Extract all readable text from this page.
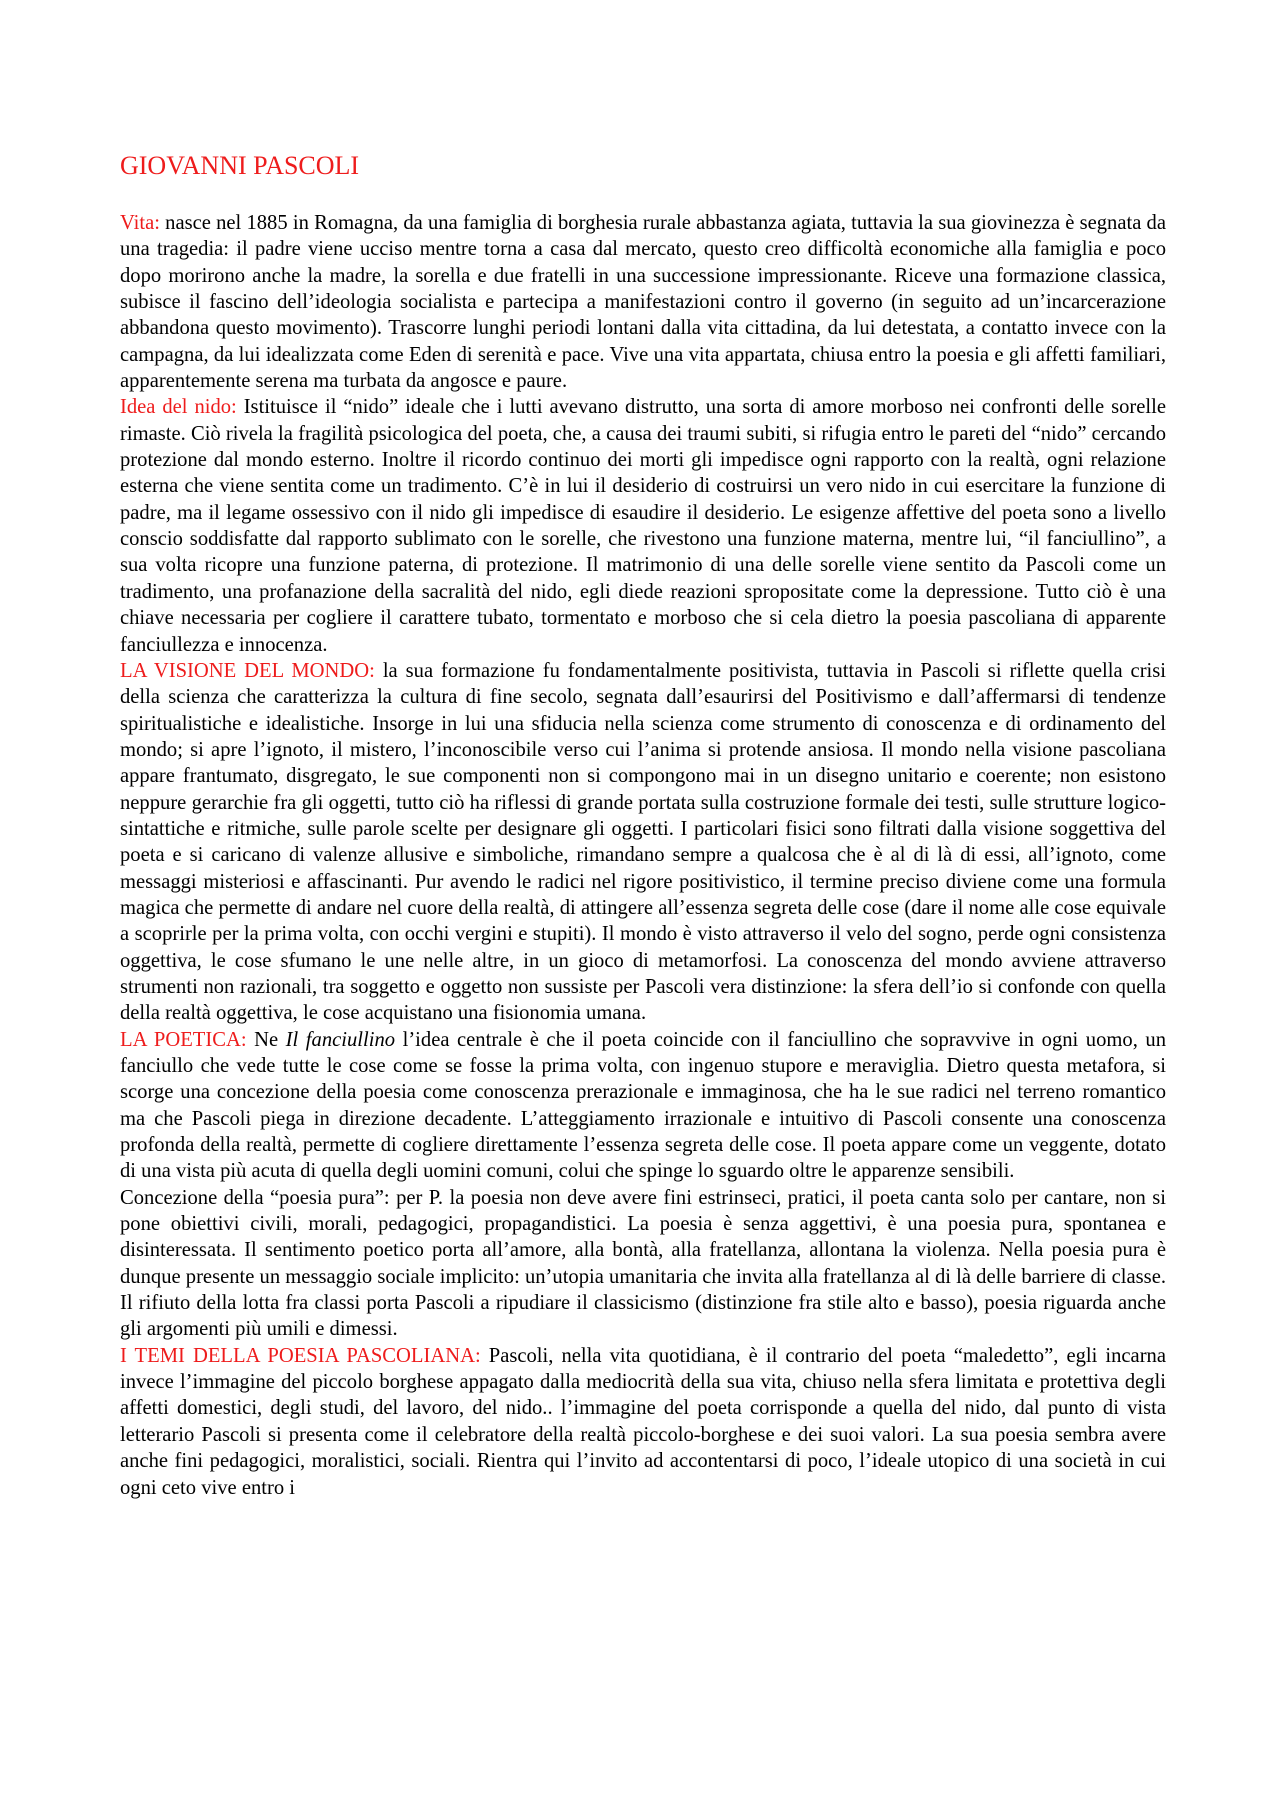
GIOVANNI PASCOLI

Vita: nasce nel 1885 in Romagna, da una famiglia di borghesia rurale abbastanza agiata, tuttavia la sua giovinezza è segnata da una tragedia: il padre viene ucciso mentre torna a casa dal mercato, questo creo difficoltà economiche alla famiglia e poco dopo morirono anche la madre, la sorella e due fratelli in una successione impressionante. Riceve una formazione classica, subisce il fascino dell’ideologia socialista e partecipa a manifestazioni contro il governo (in seguito ad un’incarcerazione abbandona questo movimento). Trascorre lunghi periodi lontani dalla vita cittadina, da lui detestata, a contatto invece con la campagna, da lui idealizzata come Eden di serenità e pace. Vive una vita appartata, chiusa entro la poesia e gli affetti familiari, apparentemente serena ma turbata da angosce e paure.

Idea del nido: Istituisce il “nido” ideale che i lutti avevano distrutto, una sorta di amore morboso nei confronti delle sorelle rimaste. Ciò rivela la fragilità psicologica del poeta, che, a causa dei traumi subiti, si rifugia entro le pareti del “nido” cercando protezione dal mondo esterno. Inoltre il ricordo continuo dei morti gli impedisce ogni rapporto con la realtà, ogni relazione esterna che viene sentita come un tradimento. C’è in lui il desiderio di costruirsi un vero nido in cui esercitare la funzione di padre, ma il legame ossessivo con il nido gli impedisce di esaudire il desiderio. Le esigenze affettive del poeta sono a livello conscio soddisfatte dal rapporto sublimato con le sorelle, che rivestono una funzione materna, mentre lui, “il fanciullino”, a sua volta ricopre una funzione paterna, di protezione. Il matrimonio di una delle sorelle viene sentito da Pascoli come un tradimento, una profanazione della sacralità del nido, egli diede reazioni spropositate come la depressione. Tutto ciò è una chiave necessaria per cogliere il carattere tubato, tormentato e morboso che si cela dietro la poesia pascoliana di apparente fanciullezza e innocenza.

LA VISIONE DEL MONDO: la sua formazione fu fondamentalmente positivista, tuttavia in Pascoli si riflette quella crisi della scienza che caratterizza la cultura di fine secolo, segnata dall’esaurirsi del Positivismo e dall’affermarsi di tendenze spiritualistiche e idealistiche. Insorge in lui una sfiducia nella scienza come strumento di conoscenza e di ordinamento del mondo; si apre l’ignoto, il mistero, l’inconoscibile verso cui l’anima si protende ansiosa. Il mondo nella visione pascoliana appare frantumato, disgregato, le sue componenti non si compongono mai in un disegno unitario e coerente; non esistono neppure gerarchie fra gli oggetti, tutto ciò ha riflessi di grande portata sulla costruzione formale dei testi, sulle strutture logico-sintattiche e ritmiche, sulle parole scelte per designare gli oggetti. I particolari fisici sono filtrati dalla visione soggettiva del poeta e si caricano di valenze allusive e simboliche, rimandano sempre a qualcosa che è al di là di essi, all’ignoto, come messaggi misteriosi e affascinanti. Pur avendo le radici nel rigore positivistico, il termine preciso diviene come una formula magica che permette di andare nel cuore della realtà, di attingere all’essenza segreta delle cose (dare il nome alle cose equivale a scoprirle per la prima volta, con occhi vergini e stupiti). Il mondo è visto attraverso il velo del sogno, perde ogni consistenza oggettiva, le cose sfumano le une nelle altre, in un gioco di metamorfosi. La conoscenza del mondo avviene attraverso strumenti non razionali, tra soggetto e oggetto non sussiste per Pascoli vera distinzione: la sfera dell’io si confonde con quella della realtà oggettiva, le cose acquistano una fisionomia umana.

LA POETICA: Ne Il fanciullino l’idea centrale è che il poeta coincide con il fanciullino che sopravvive in ogni uomo, un fanciullo che vede tutte le cose come se fosse la prima volta, con ingenuo stupore e meraviglia. Dietro questa metafora, si scorge una concezione della poesia come conoscenza prerazionale e immaginosa, che ha le sue radici nel terreno romantico ma che Pascoli piega in direzione decadente. L’atteggiamento irrazionale e intuitivo di Pascoli consente una conoscenza profonda della realtà, permette di cogliere direttamente l’essenza segreta delle cose. Il poeta appare come un veggente, dotato di una vista più acuta di quella degli uomini comuni, colui che spinge lo sguardo oltre le apparenze sensibili.

Concezione della “poesia pura”: per P. la poesia non deve avere fini estrinseci, pratici, il poeta canta solo per cantare, non si pone obiettivi civili, morali, pedagogici, propagandistici. La poesia è senza aggettivi, è una poesia pura, spontanea e disinteressata. Il sentimento poetico porta all’amore, alla bontà, alla fratellanza, allontana la violenza. Nella poesia pura è dunque presente un messaggio sociale implicito: un’utopia umanitaria che invita alla fratellanza al di là delle barriere di classe. Il rifiuto della lotta fra classi porta Pascoli a ripudiare il classicismo (distinzione fra stile alto e basso), poesia riguarda anche gli argomenti più umili e dimessi.

I TEMI DELLA POESIA PASCOLIANA: Pascoli, nella vita quotidiana, è il contrario del poeta “maledetto”, egli incarna invece l’immagine del piccolo borghese appagato dalla mediocrità della sua vita, chiuso nella sfera limitata e protettiva degli affetti domestici, degli studi, del lavoro, del nido.. l’immagine del poeta corrisponde a quella del nido, dal punto di vista letterario Pascoli si presenta come il celebratore della realtà piccolo-borghese e dei suoi valori. La sua poesia sembra avere anche fini pedagogici, moralistici, sociali. Rientra qui l’invito ad accontentarsi di poco, l’ideale utopico di una società in cui ogni ceto vive entro i
